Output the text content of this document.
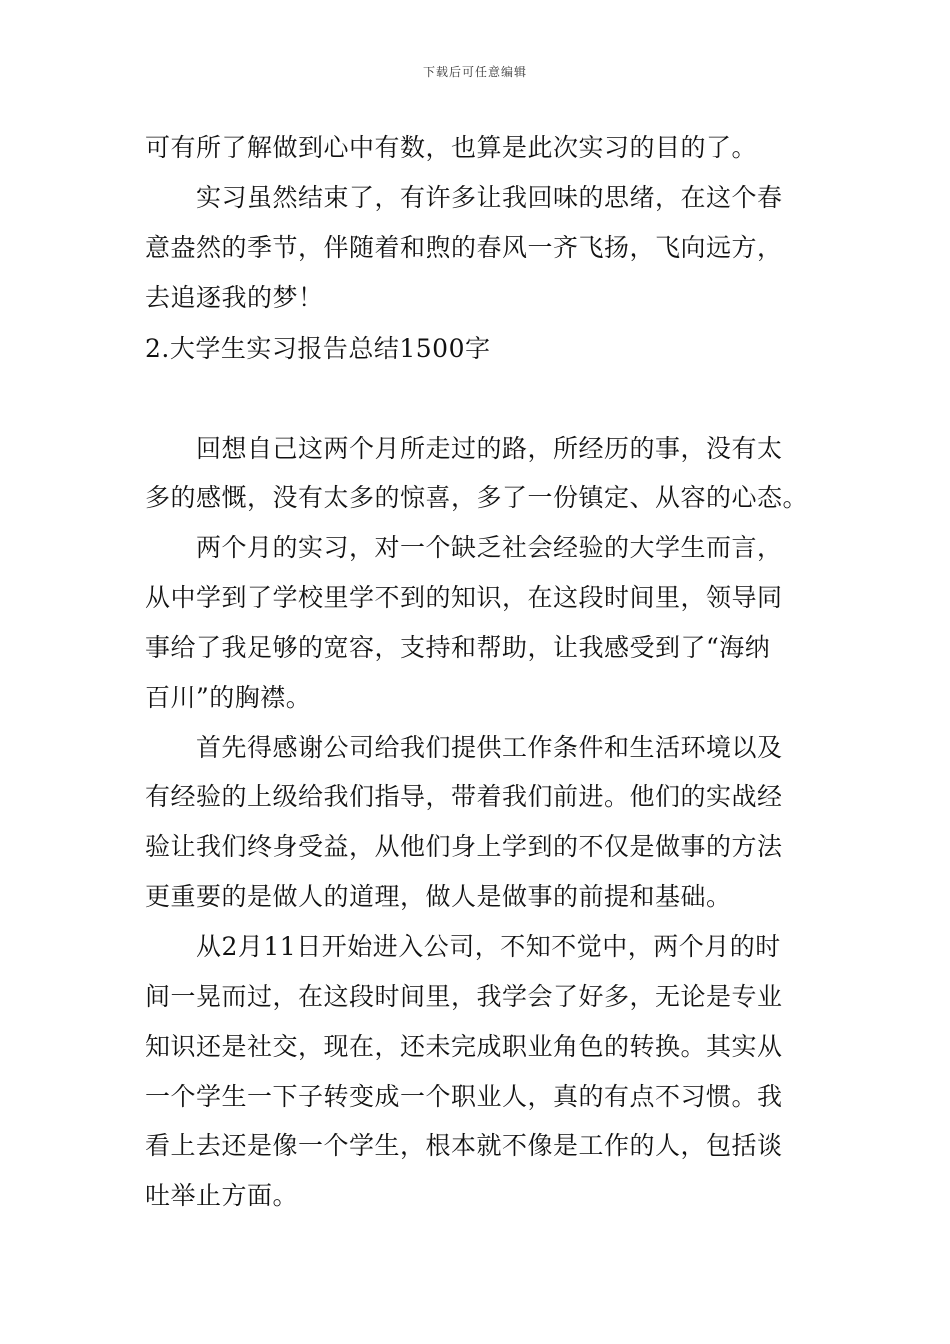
下载后可任意编辑
可有所了解做到心中有数，也算是此次实习的目的了。
　　实习虽然结束了，有许多让我回味的思绪，在这个春
意盎然的季节，伴随着和煦的春风一齐飞扬，飞向远方，
去追逐我的梦！
2.大学生实习报告总结1500字
　　回想自己这两个月所走过的路，所经历的事，没有太
多的感慨，没有太多的惊喜，多了一份镇定、从容的心态。
　　两个月的实习，对一个缺乏社会经验的大学生而言，
从中学到了学校里学不到的知识，在这段时间里，领导同
事给了我足够的宽容，支持和帮助，让我感受到了“海纳
百川”的胸襟。
　　首先得感谢公司给我们提供工作条件和生活环境以及
有经验的上级给我们指导，带着我们前进。他们的实战经
验让我们终身受益，从他们身上学到的不仅是做事的方法
更重要的是做人的道理，做人是做事的前提和基础。
　　从2月11日开始进入公司，不知不觉中，两个月的时
间一晃而过，在这段时间里，我学会了好多，无论是专业
知识还是社交，现在，还未完成职业角色的转换。其实从
一个学生一下子转变成一个职业人，真的有点不习惯。我
看上去还是像一个学生，根本就不像是工作的人，包括谈
吐举止方面。
